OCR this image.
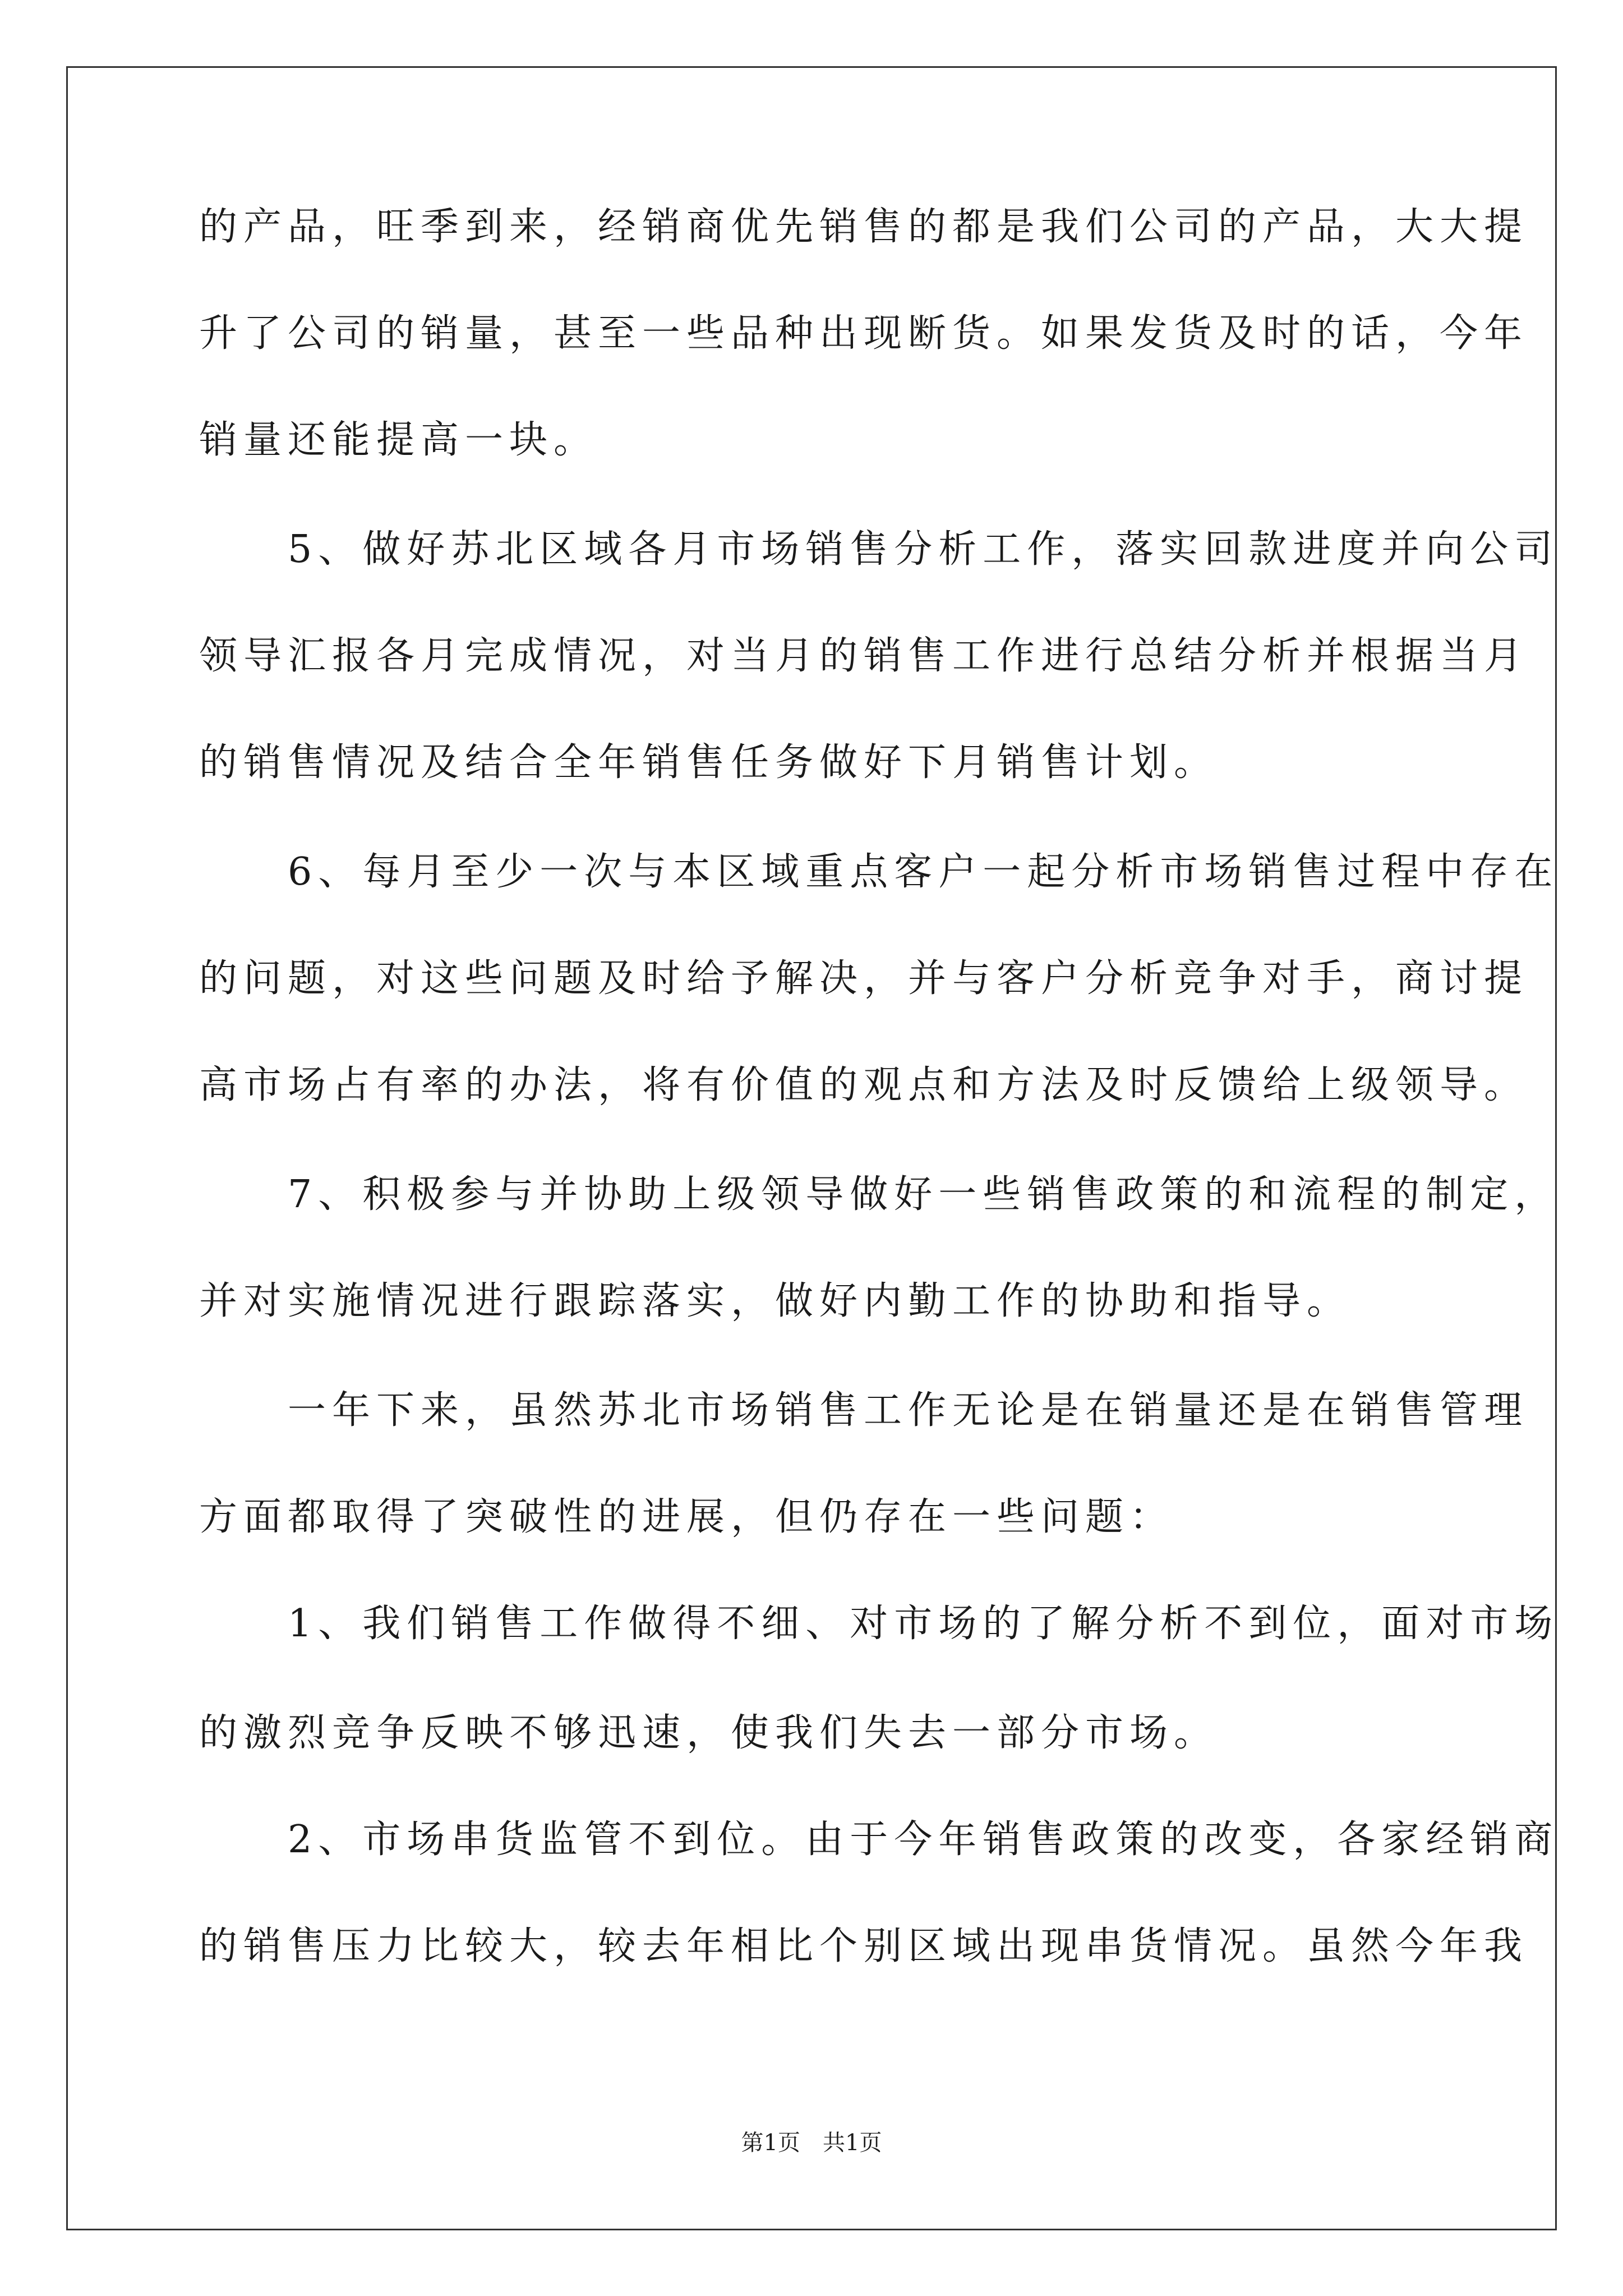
的产品，旺季到来，经销商优先销售的都是我们公司的产品，大大提
升了公司的销量，甚至一些品种出现断货。如果发货及时的话，今年
销量还能提高一块。
　　5、做好苏北区域各月市场销售分析工作，落实回款进度并向公司
领导汇报各月完成情况，对当月的销售工作进行总结分析并根据当月
的销售情况及结合全年销售任务做好下月销售计划。
　　6、每月至少一次与本区域重点客户一起分析市场销售过程中存在
的问题，对这些问题及时给予解决，并与客户分析竞争对手，商讨提
高市场占有率的办法，将有价值的观点和方法及时反馈给上级领导。
　　7、积极参与并协助上级领导做好一些销售政策的和流程的制定，
并对实施情况进行跟踪落实，做好内勤工作的协助和指导。
　　一年下来，虽然苏北市场销售工作无论是在销量还是在销售管理
方面都取得了突破性的进展，但仍存在一些问题：
　　1、我们销售工作做得不细、对市场的了解分析不到位，面对市场
的激烈竞争反映不够迅速，使我们失去一部分市场。
　　2、市场串货监管不到位。由于今年销售政策的改变，各家经销商
的销售压力比较大，较去年相比个别区域出现串货情况。虽然今年我
第1页　共1页
